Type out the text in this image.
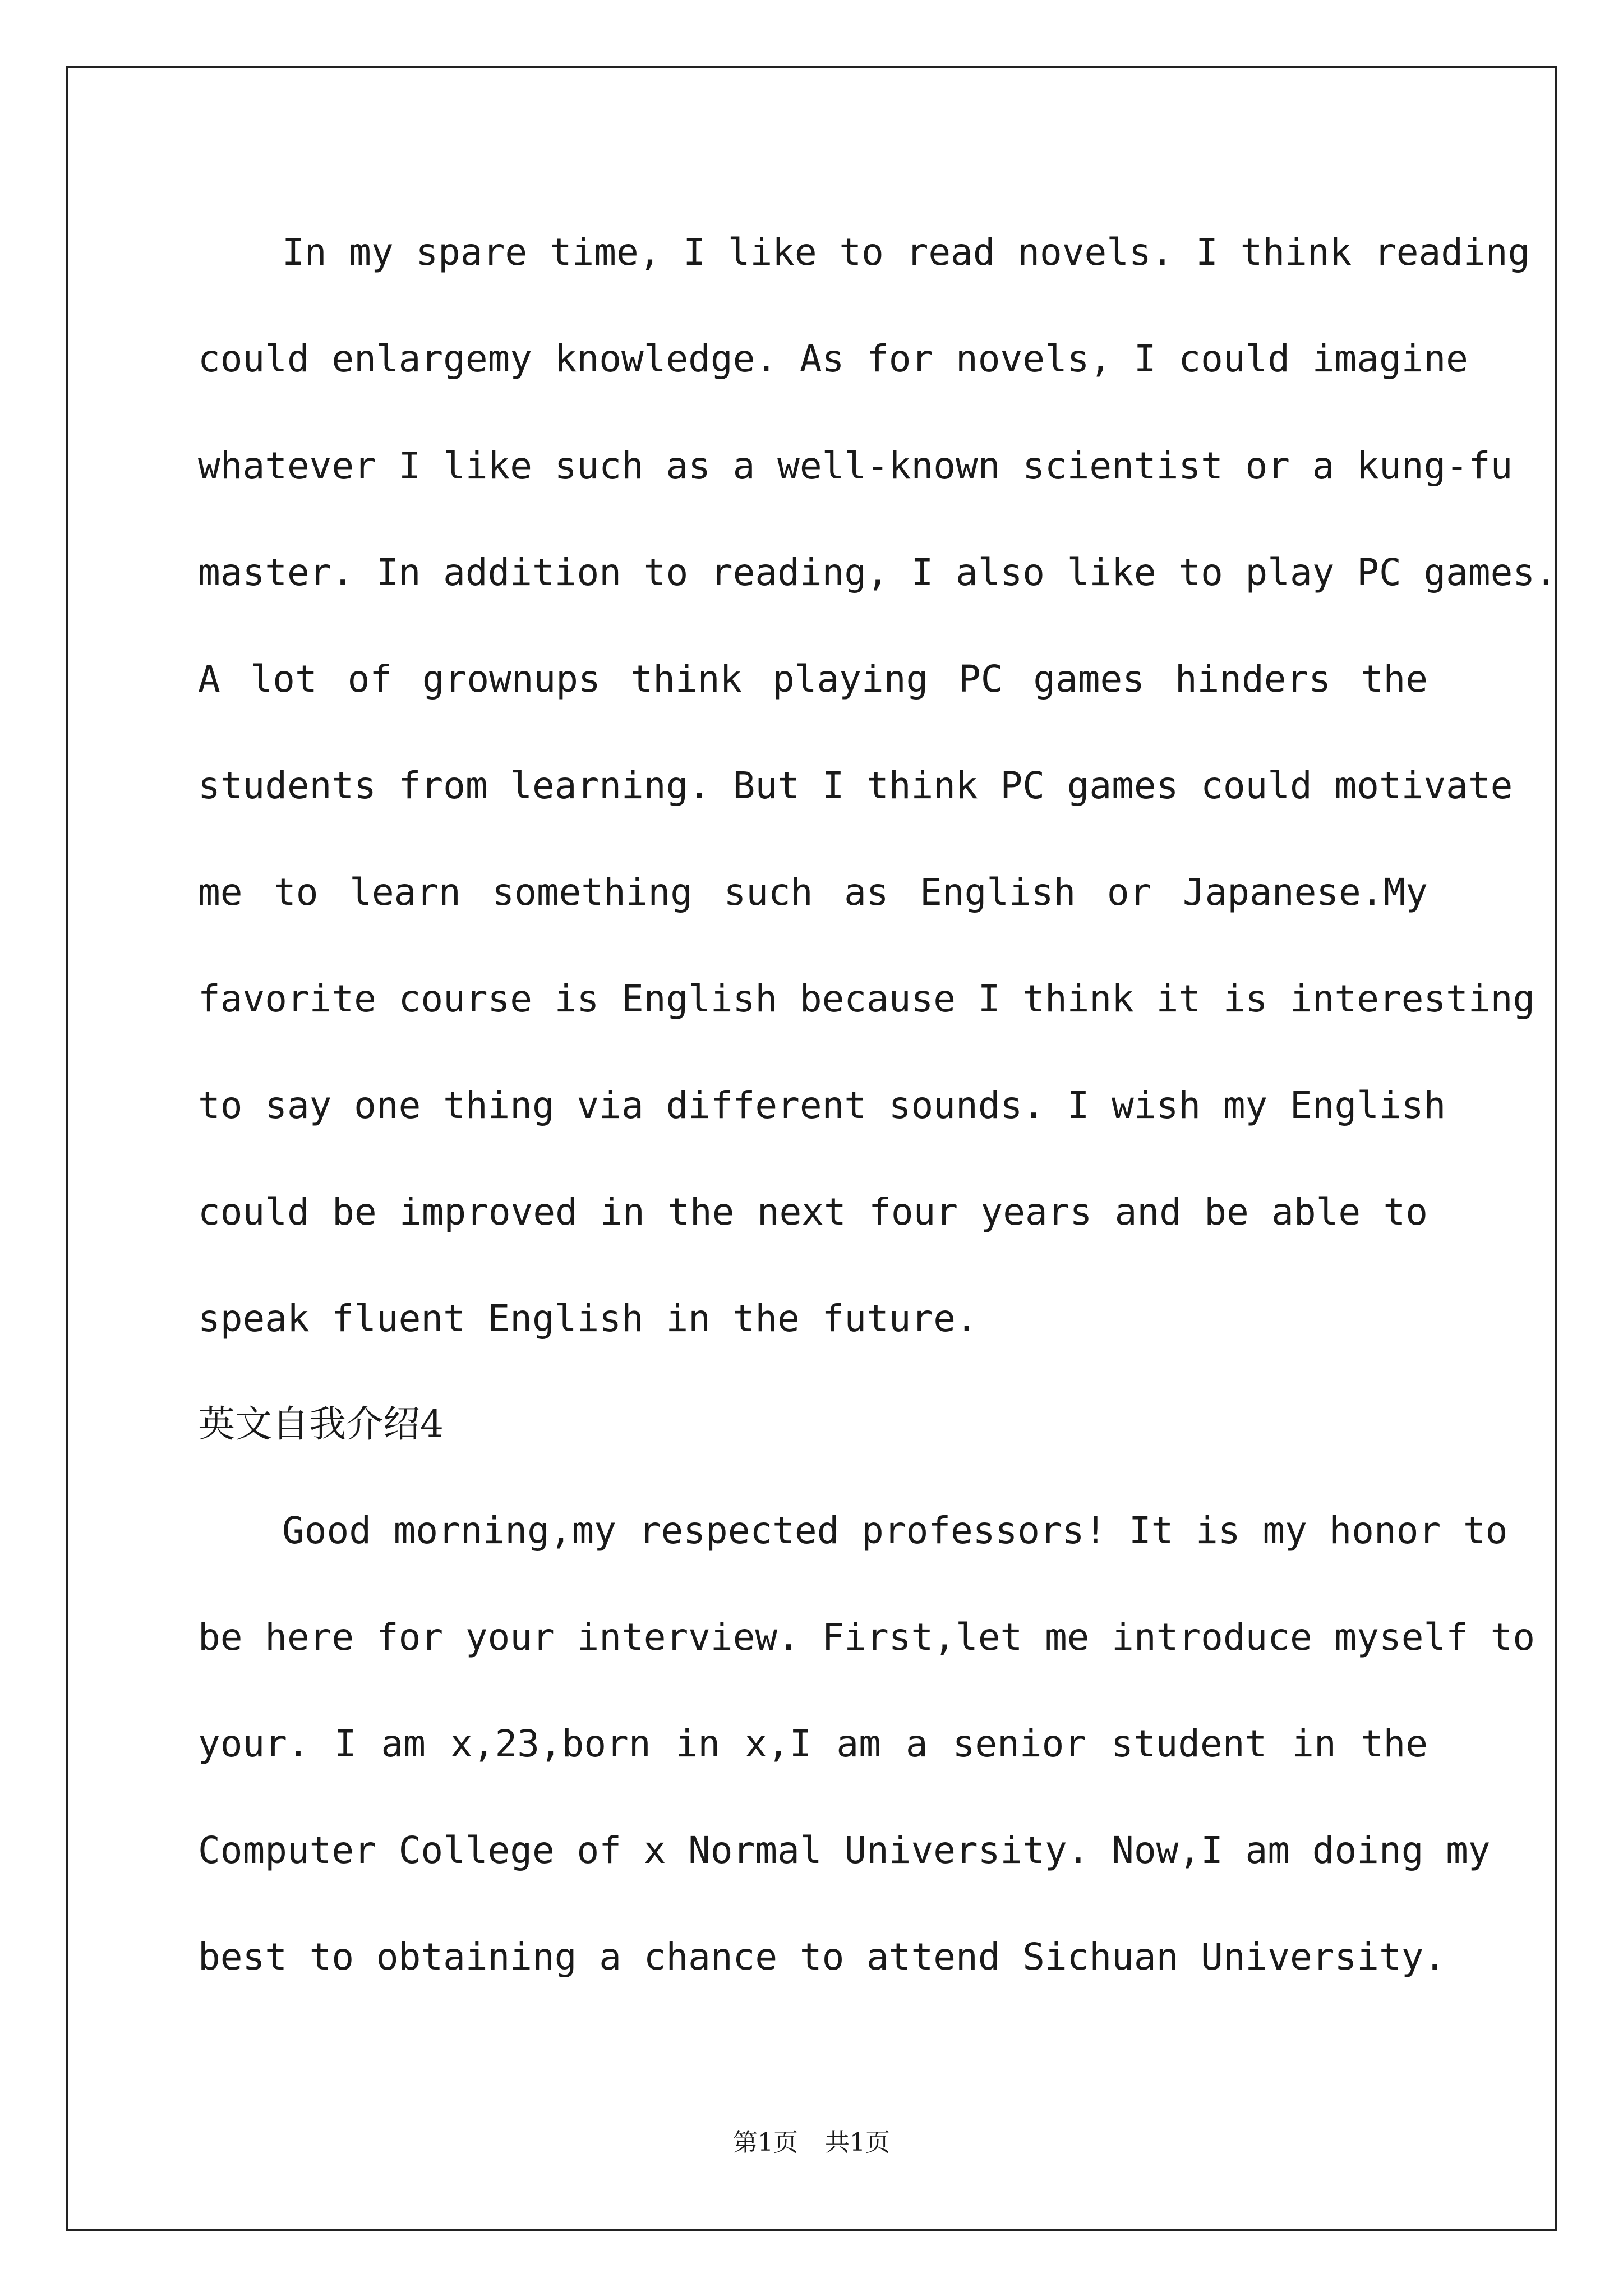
In my spare time, I like to read novels. I think reading
could enlargemy knowledge. As for novels, I could imagine
whatever I like such as a well-known scientist or a kung-fu
master. In addition to reading, I also like to play PC games.
A lot of grownups think playing PC games hinders the
students from learning. But I think PC games could motivate
me to learn something such as English or Japanese.My
favorite course is English because I think it is interesting
to say one thing via different sounds. I wish my English
could be improved in the next four years and be able to
speak fluent English in the future.
英文自我介绍4
Good morning,my respected professors! It is my honor to
be here for your interview. First,let me introduce myself to
your. I am x,23,born in x,I am a senior student in the
Computer College of x Normal University. Now,I am doing my
best to obtaining a chance to attend Sichuan University.
第1页 共1页
